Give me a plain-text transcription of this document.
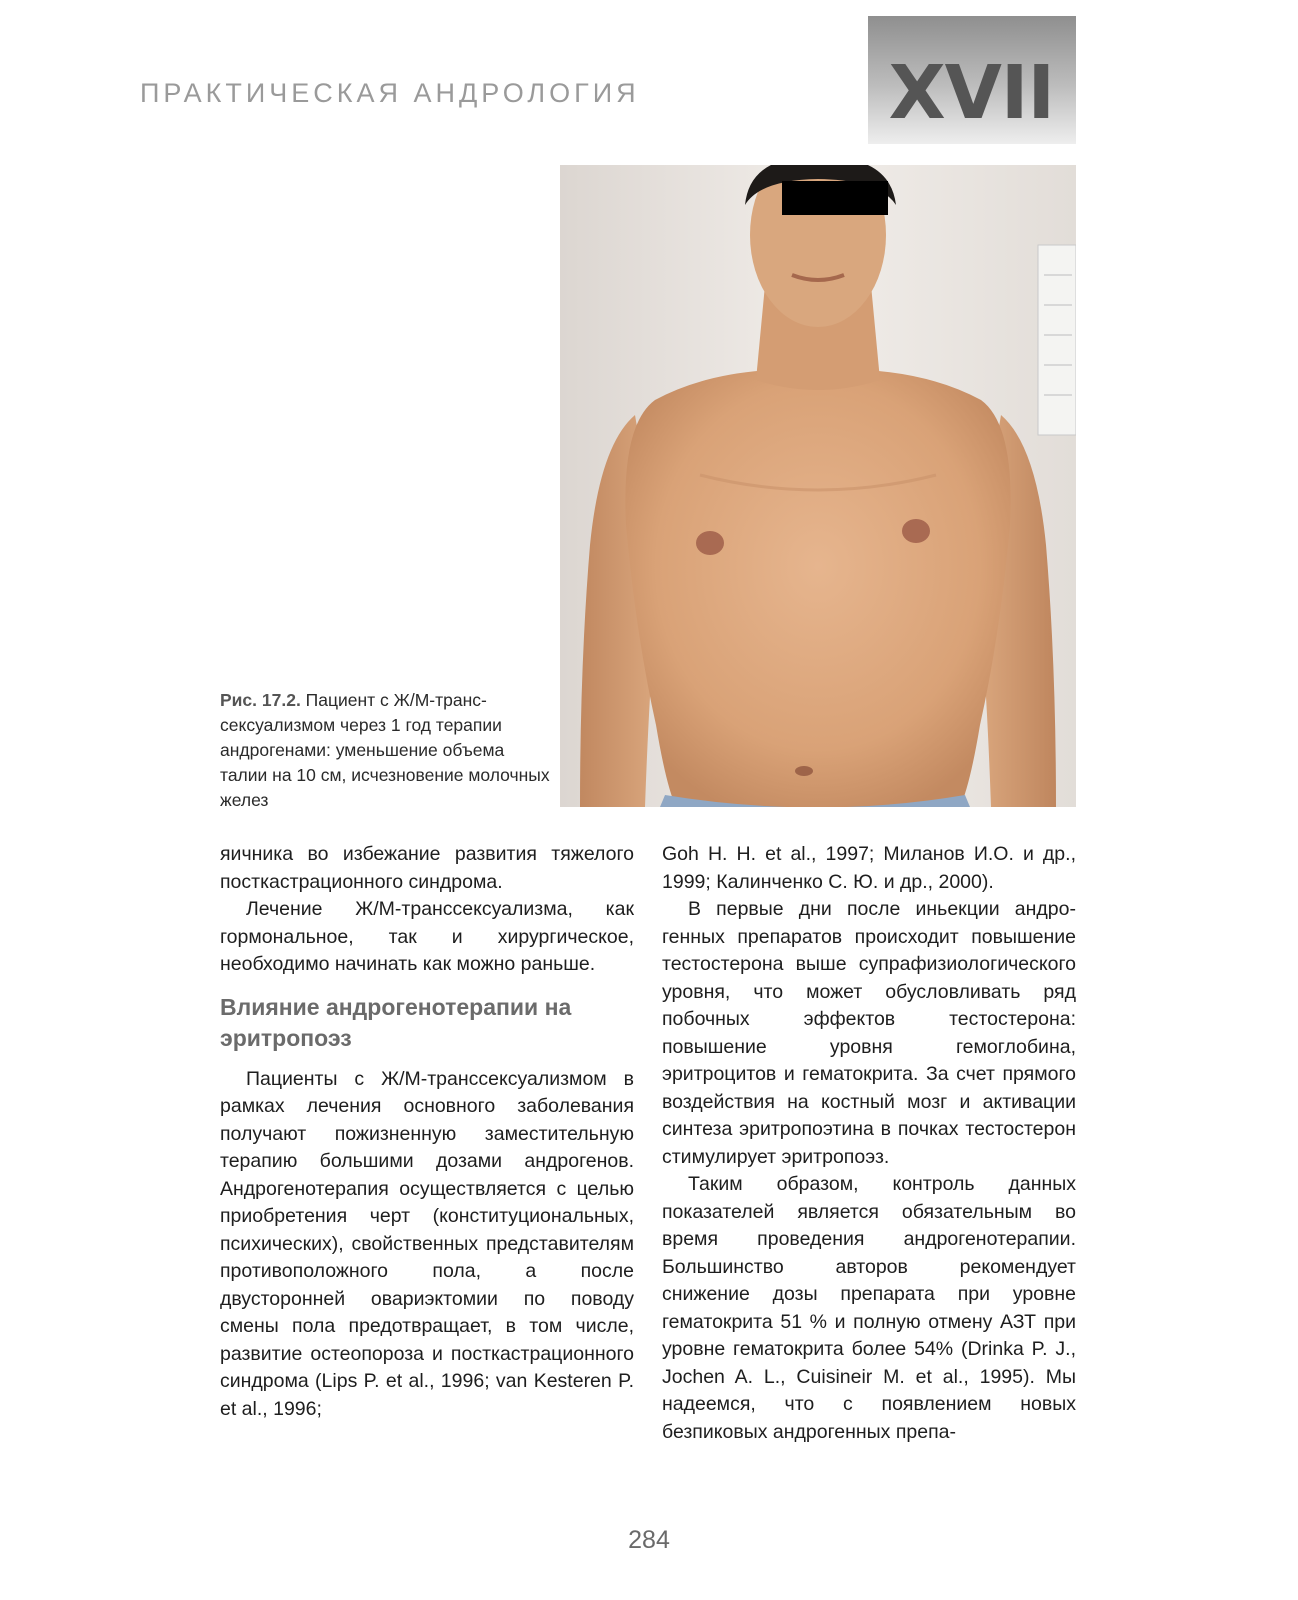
ПРАКТИЧЕСКАЯ АНДРОЛОГИЯ	XVII
Рис. 17.2. Пациент с Ж/М-транссексуализмом через 1 год терапии андрогенами: уменьшение объема талии на 10 см, исчезновение молочных желез

яичника во избежание развития тяжелого посткастрационного синдрома.

Лечение Ж/М-транссексуализма, как гормональное, так и хирургическое, необходимо начинать как можно раньше.

Влияние андрогенотерапии на эритропоэз

Пациенты с Ж/М-транссексуализмом в рамках лечения основного заболевания получают пожизненную заместительную терапию большими дозами андрогенов. Андрогенотерапия осуществляется с целью приобретения черт (конституциональных, психических), свойственных представителям противоположного пола, а после двусторонней овариэктомии по поводу смены пола предотвращает, в том числе, развитие остеопороза и посткастрационного синдрома (Lips P. et al., 1996; van Kesteren P. et al., 1996;

Goh H. H. et al., 1997; Миланов И.О. и др., 1999; Калинченко С. Ю. и др., 2000).

В первые дни после иньекции андрогенных препаратов происходит повышение тестостерона выше супрафизиологического уровня, что может обусловливать ряд побочных эффектов тестостерона: повышение уровня гемоглобина, эритроцитов и гематокрита. За счет прямого воздействия на костный мозг и активации синтеза эритропоэтина в почках тестостерон стимулирует эритропоэз.

Таким образом, контроль данных показателей является обязательным во время проведения андрогенотерапии. Большинство авторов рекомендует снижение дозы препарата при уровне гематокрита 51 % и полную отмену АЗТ при уровне гематокрита более 54% (Drinka P. J., Jochen A. L., Cuisineir M. et al., 1995). Мы надеемся, что с появлением новых безпиковых андрогенных препа-

284
